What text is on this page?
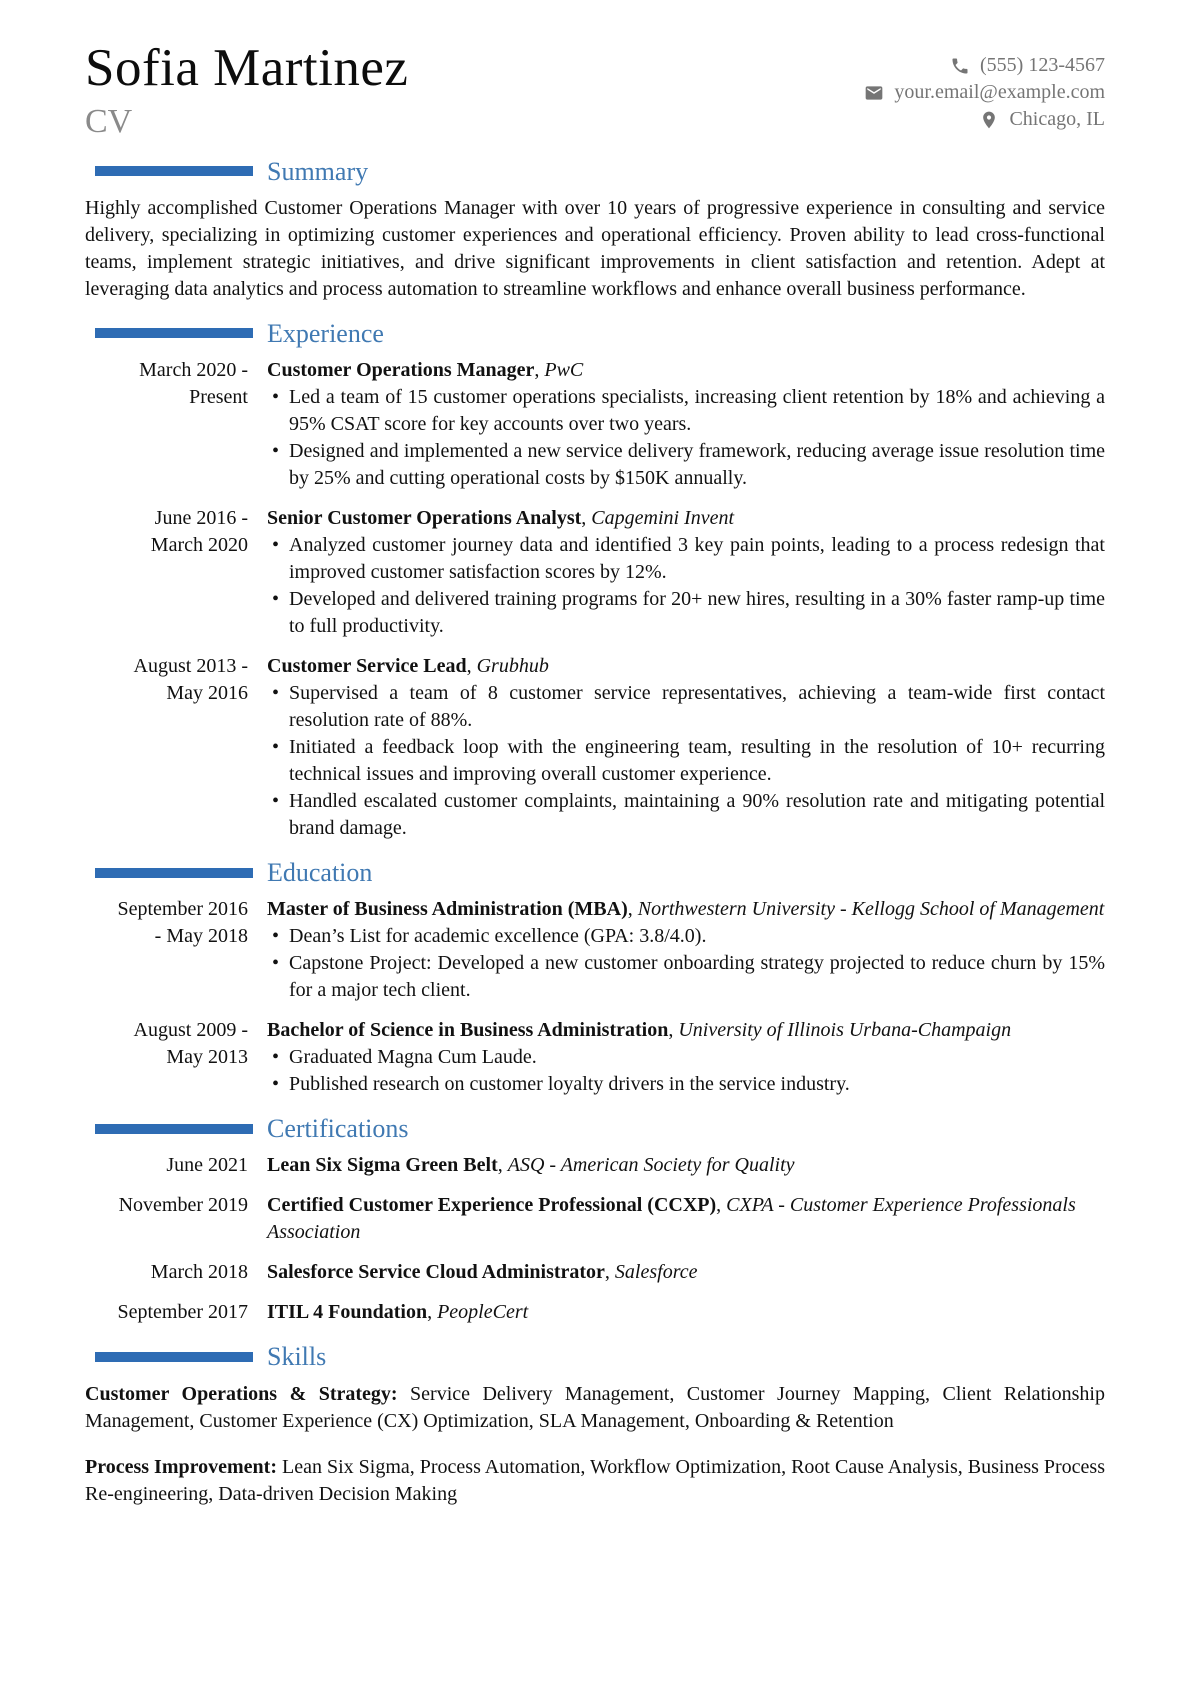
Sofia Martinez
CV
(555) 123-4567
your.email@example.com
Chicago, IL
Summary

Highly accomplished Customer Operations Manager with over 10 years of progressive experience in consulting and service delivery, specializing in optimizing customer experiences and operational efficiency. Proven ability to lead cross-functional teams, implement strategic initiatives, and drive significant improvements in client satisfaction and retention. Adept at leveraging data analytics and process automation to streamline workflows and enhance overall business performance.

Experience
March 2020 - Present
Customer Operations Manager, PwC
• Led a team of 15 customer operations specialists, increasing client retention by 18% and achieving a 95% CSAT score for key accounts over two years.
• Designed and implemented a new service delivery framework, reducing average issue resolution time by 25% and cutting operational costs by $150K annually.
June 2016 - March 2020
Senior Customer Operations Analyst, Capgemini Invent
• Analyzed customer journey data and identified 3 key pain points, leading to a process redesign that improved customer satisfaction scores by 12%.
• Developed and delivered training programs for 20+ new hires, resulting in a 30% faster ramp-up time to full productivity.
August 2013 - May 2016
Customer Service Lead, Grubhub
• Supervised a team of 8 customer service representatives, achieving a team-wide first contact resolution rate of 88%.
• Initiated a feedback loop with the engineering team, resulting in the resolution of 10+ recurring technical issues and improving overall customer experience.
• Handled escalated customer complaints, maintaining a 90% resolution rate and mitigating potential brand damage.
Education
September 2016 - May 2018
Master of Business Administration (MBA), Northwestern University - Kellogg School of Management
• Dean’s List for academic excellence (GPA: 3.8/4.0).
• Capstone Project: Developed a new customer onboarding strategy projected to reduce churn by 15% for a major tech client.
August 2009 - May 2013
Bachelor of Science in Business Administration, University of Illinois Urbana-Champaign
• Graduated Magna Cum Laude.
• Published research on customer loyalty drivers in the service industry.
Certifications
June 2021 Lean Six Sigma Green Belt, ASQ - American Society for Quality
November 2019 Certified Customer Experience Professional (CCXP), CXPA - Customer Experience Professionals Association
March 2018 Salesforce Service Cloud Administrator, Salesforce
September 2017 ITIL 4 Foundation, PeopleCert
Skills

Customer Operations & Strategy: Service Delivery Management, Customer Journey Mapping, Client Relationship Management, Customer Experience (CX) Optimization, SLA Management, Onboarding & Retention

Process Improvement: Lean Six Sigma, Process Automation, Workflow Optimization, Root Cause Analysis, Business Process Re-engineering, Data-driven Decision Making
